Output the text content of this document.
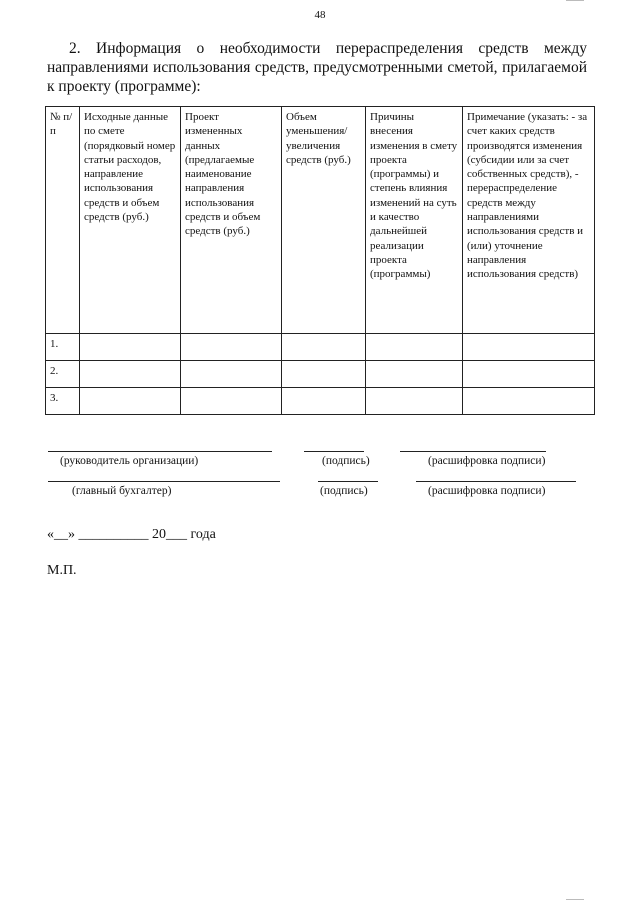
48
2. Информация о необходимости перераспределения средств между направлениями использования средств, предусмотренными сметой, прилагаемой к проекту (программе):
№ п/п	Исходные данные по смете (порядковый номер статьи расходов, направление использования средств и объем средств (руб.)	Проект измененных данных (предлагаемые наименование направления использования средств и объем средств (руб.)	Объем уменьшения/ увеличения средств (руб.)	Причины внесения изменения в смету проекта (программы) и степень влияния изменений на суть и качество дальнейшей реализации проекта (программы)	Примечание (указать: - за счет каких средств производятся изменения (субсидии или за счет собственных средств), - перераспределение средств между направлениями использования средств и (или) уточнение направления использования средств)
1.					
2.					
3.					
(руководитель организации)	(подпись)	(расшифровка подписи)
(главный бухгалтер)	(подпись)	(расшифровка подписи)
«__» __________ 20___ года
М.П.
